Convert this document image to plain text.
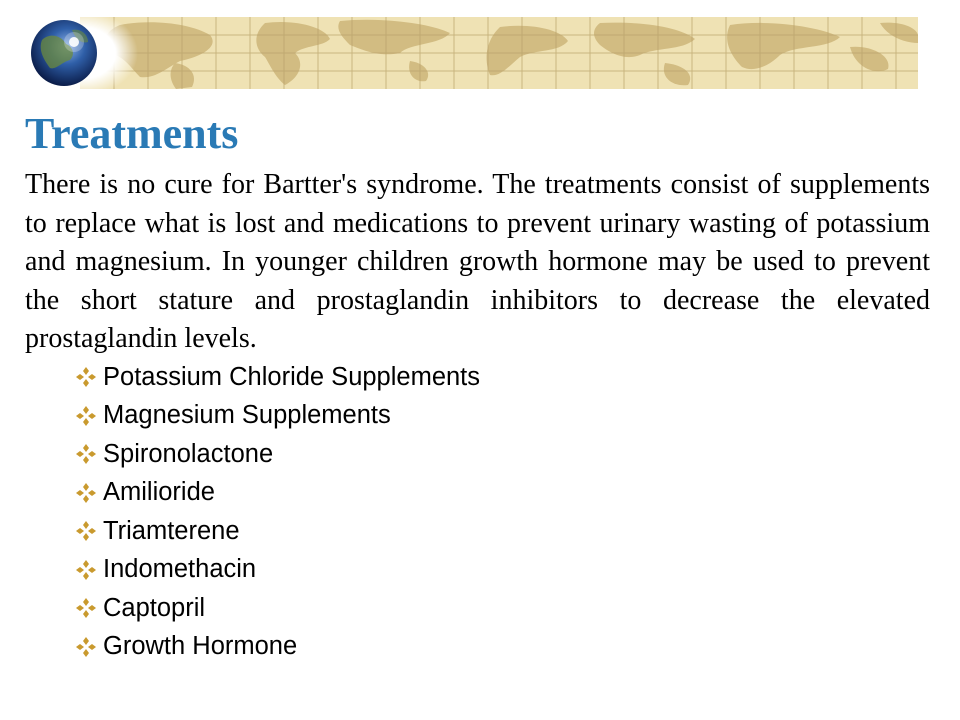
Treatments

There is no cure for Bartter's syndrome. The treatments consist of supplements to replace what is lost and medications to prevent urinary wasting of potassium and magnesium. In younger children growth hormone may be used to prevent the short stature and prostaglandin inhibitors to decrease the elevated prostaglandin levels.

Potassium Chloride Supplements
Magnesium Supplements
Spironolactone
Amilioride
Triamterene
Indomethacin
Captopril
Growth Hormone
